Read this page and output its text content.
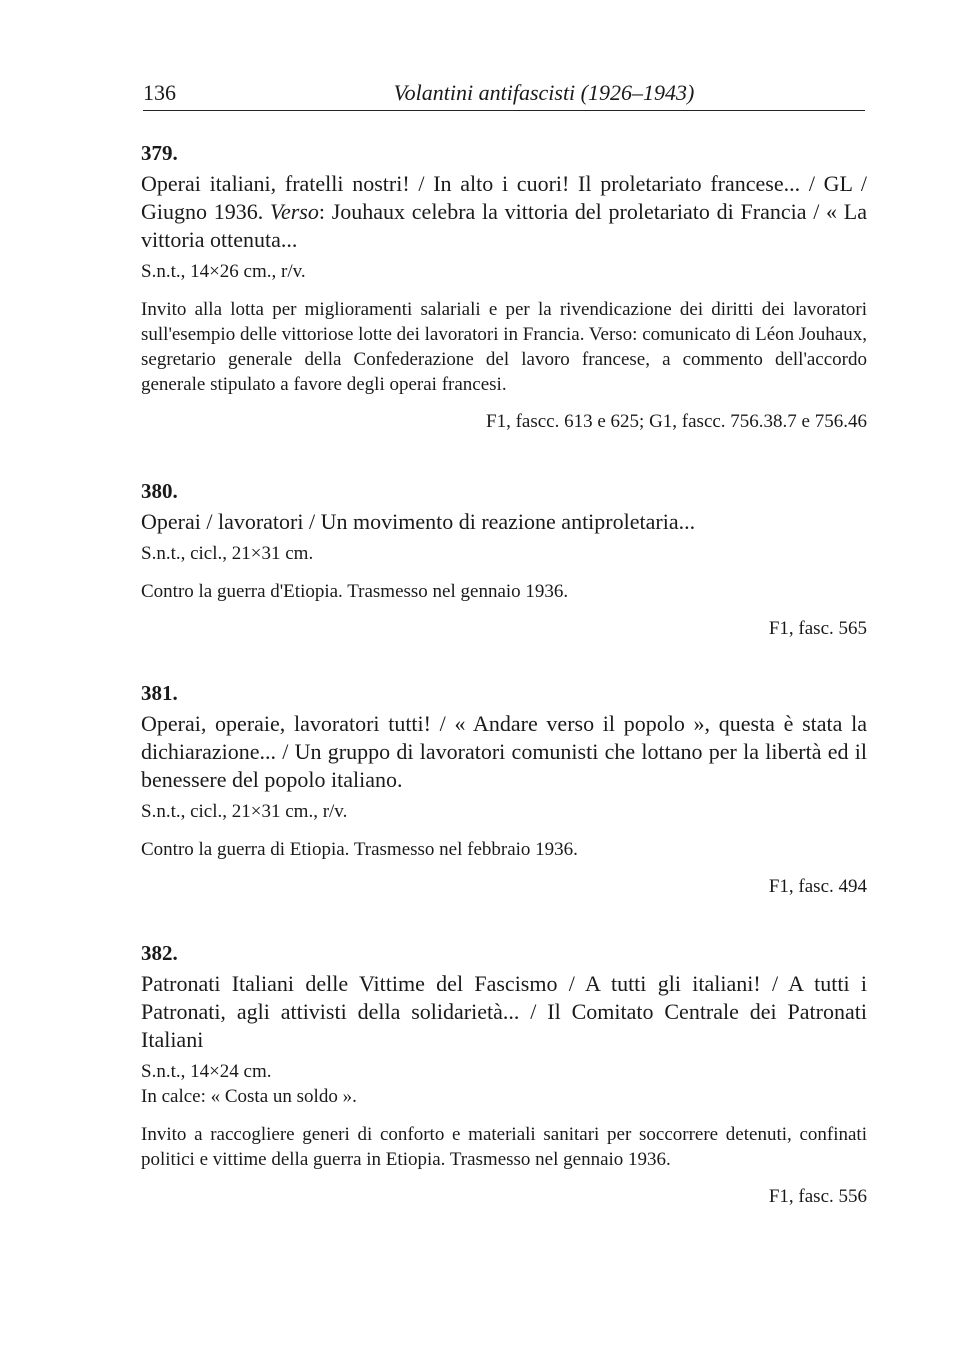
136	Volantini antifascisti (1926–1943)
379.
Operai italiani, fratelli nostri! / In alto i cuori! Il proletariato francese... / GL / Giugno 1936. Verso: Jouhaux celebra la vittoria del proletariato di Francia / « La vittoria ottenuta...
S.n.t., 14×26 cm., r/v.
Invito alla lotta per miglioramenti salariali e per la rivendicazione dei diritti dei lavoratori sull'esempio delle vittoriose lotte dei lavoratori in Francia. Verso: comunicato di Léon Jouhaux, segretario generale della Confederazione del lavoro francese, a commento dell'accordo generale stipulato a favore degli operai francesi.
F1, fascc. 613 e 625; G1, fascc. 756.38.7 e 756.46
380.
Operai / lavoratori / Un movimento di reazione antiproletaria...
S.n.t., cicl., 21×31 cm.
Contro la guerra d'Etiopia. Trasmesso nel gennaio 1936.
F1, fasc. 565
381.
Operai, operaie, lavoratori tutti! / « Andare verso il popolo », questa è stata la dichiarazione... / Un gruppo di lavoratori comunisti che lottano per la libertà ed il benessere del popolo italiano.
S.n.t., cicl., 21×31 cm., r/v.
Contro la guerra di Etiopia. Trasmesso nel febbraio 1936.
F1, fasc. 494
382.
Patronati Italiani delle Vittime del Fascismo / A tutti gli italiani! / A tutti i Patronati, agli attivisti della solidarietà... / Il Comitato Centrale dei Patronati Italiani
S.n.t., 14×24 cm.
In calce: « Costa un soldo ».
Invito a raccogliere generi di conforto e materiali sanitari per soccorrere detenuti, confinati politici e vittime della guerra in Etiopia. Trasmesso nel gennaio 1936.
F1, fasc. 556
